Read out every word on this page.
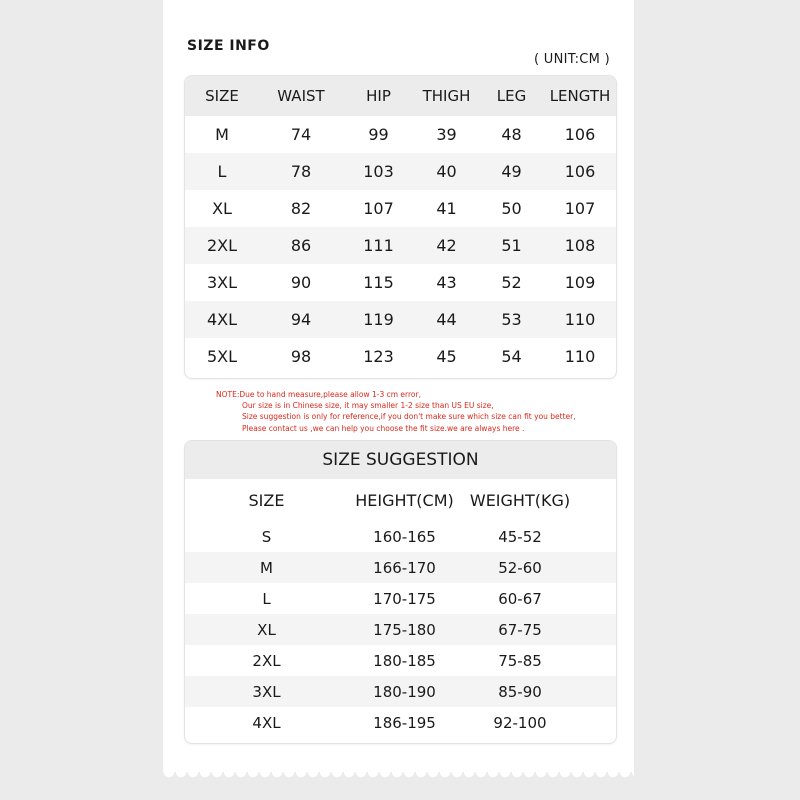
SIZE INFO
( UNIT:CM )
SIZE	WAIST	HIP	THIGH	LEG	LENGTH
M	74	99	39	48	106
L	78	103	40	49	106
XL	82	107	41	50	107
2XL	86	111	42	51	108
3XL	90	115	43	52	109
4XL	94	119	44	53	110
5XL	98	123	45	54	110
NOTE:Due to hand measure,please allow 1-3 cm error,
Our size is in Chinese size, it may smaller 1-2 size than US EU size,
Size suggestion is only for reference,if you don't make sure which size can fit you better,
Please contact us ,we can help you choose the fit size.we are always here .
SIZE SUGGESTION
SIZE	HEIGHT(CM)	WEIGHT(KG)	
S	160-165	45-52	
M	166-170	52-60	
L	170-175	60-67	
XL	175-180	67-75	
2XL	180-185	75-85	
3XL	180-190	85-90	
4XL	186-195	92-100	
